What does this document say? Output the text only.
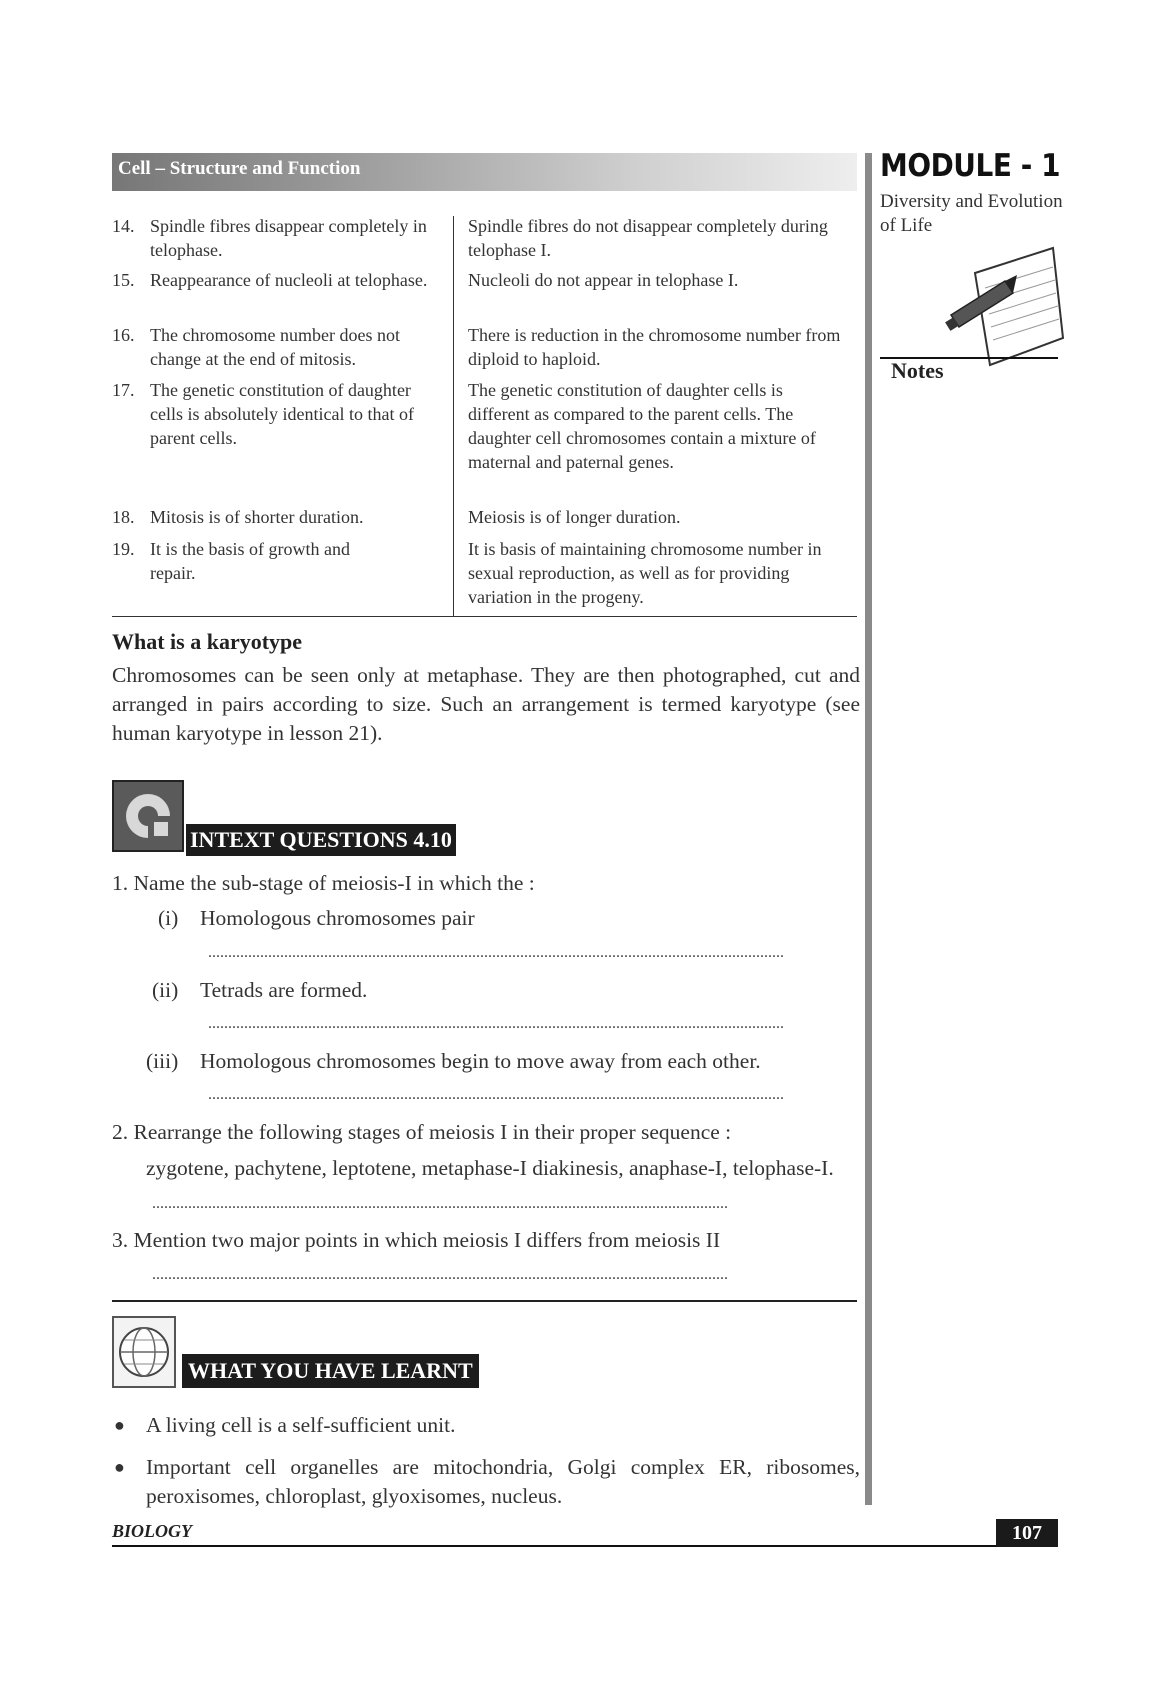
Cell – Structure and Function	MODULE - 1
Diversity and Evolution of Life
Notes
14. Spindle fibres disappear completely in telophase.
Spindle fibres do not disappear completely during telophase I.
15. Reappearance of nucleoli at telophase.	Nucleoli do not appear in telophase I.
16. The chromosome number does not change at the end of mitosis.
There is reduction in the chromosome number from diploid to haploid.
17. The genetic constitution of daughter cells is absolutely identical to that of parent cells.
The genetic constitution of daughter cells is different as compared to the parent cells. The daughter cell chromosomes contain a mixture of maternal and paternal genes.
18. Mitosis is of shorter duration.	Meiosis is of longer duration.
19. It is the basis of growth and repair.
It is basis of maintaining chromosome number in sexual reproduction, as well as for providing variation in the progeny.
What is a karyotype
Chromosomes can be seen only at metaphase. They are then photographed, cut and arranged in pairs according to size. Such an arrangement is termed karyotype (see human karyotype in lesson 21).
INTEXT QUESTIONS 4.10
1. Name the sub-stage of meiosis-I in which the :
(i) Homologous chromosomes pair
................................................................................................................................................
(ii) Tetrads are formed.
................................................................................................................................................
(iii) Homologous chromosomes begin to move away from each other.
................................................................................................................................................
2. Rearrange the following stages of meiosis I in their proper sequence :
zygotene, pachytene, leptotene, metaphase-I diakinesis, anaphase-I, telophase-I.
................................................................................................................................................
3. Mention two major points in which meiosis I differs from meiosis II
................................................................................................................................................
WHAT YOU HAVE LEARNT
● A living cell is a self-sufficient unit.
● Important cell organelles are mitochondria, Golgi complex ER, ribosomes, peroxisomes, chloroplast, glyoxisomes, nucleus.
BIOLOGY	107
